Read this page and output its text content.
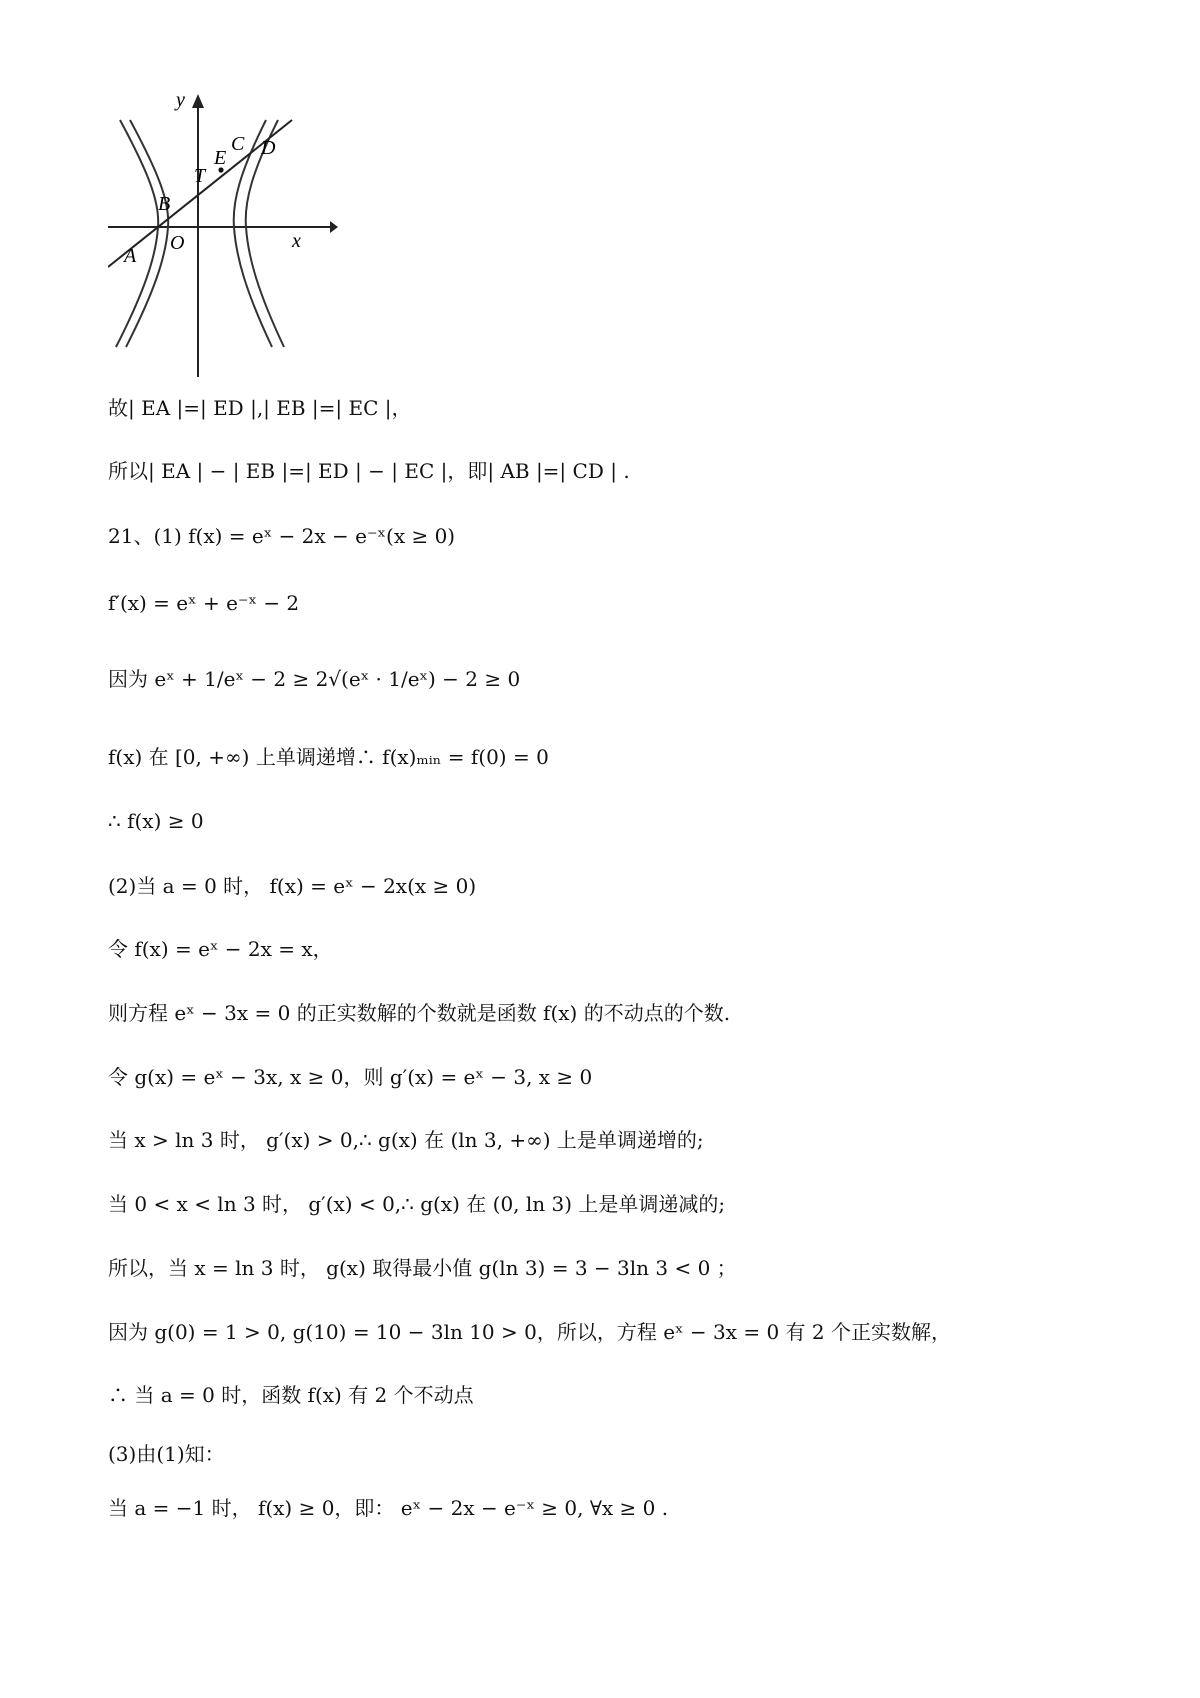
y
x
O
A
B
T
E
C D
故| EA |=| ED |,| EB |=| EC |，
所以| EA | − | EB |=| ED | − | EC |，即| AB |=| CD | .
21、(1) f(x) = eˣ − 2x − e⁻ˣ(x ≥ 0)
f′(x) = eˣ + e⁻ˣ − 2
因为 eˣ + 1/eˣ − 2 ≥ 2√(eˣ · 1/eˣ) − 2 ≥ 0
f(x) 在 [0, +∞) 上单调递增∴ f(x)ₘᵢₙ = f(0) = 0
∴ f(x) ≥ 0
(2)当 a = 0 时， f(x) = eˣ − 2x(x ≥ 0)
令 f(x) = eˣ − 2x = x，
则方程 eˣ − 3x = 0 的正实数解的个数就是函数 f(x) 的不动点的个数.
令 g(x) = eˣ − 3x, x ≥ 0，则 g′(x) = eˣ − 3, x ≥ 0
当 x > ln 3 时， g′(x) > 0,∴ g(x) 在 (ln 3, +∞) 上是单调递增的;
当 0 < x < ln 3 时， g′(x) < 0,∴ g(x) 在 (0, ln 3) 上是单调递减的;
所以，当 x = ln 3 时， g(x) 取得最小值 g(ln 3) = 3 − 3ln 3 < 0 ；
因为 g(0) = 1 > 0, g(10) = 10 − 3ln 10 > 0，所以，方程 eˣ − 3x = 0 有 2 个正实数解，
∴ 当 a = 0 时，函数 f(x) 有 2 个不动点
(3)由(1)知：
当 a = −1 时， f(x) ≥ 0，即： eˣ − 2x − e⁻ˣ ≥ 0, ∀x ≥ 0 .
